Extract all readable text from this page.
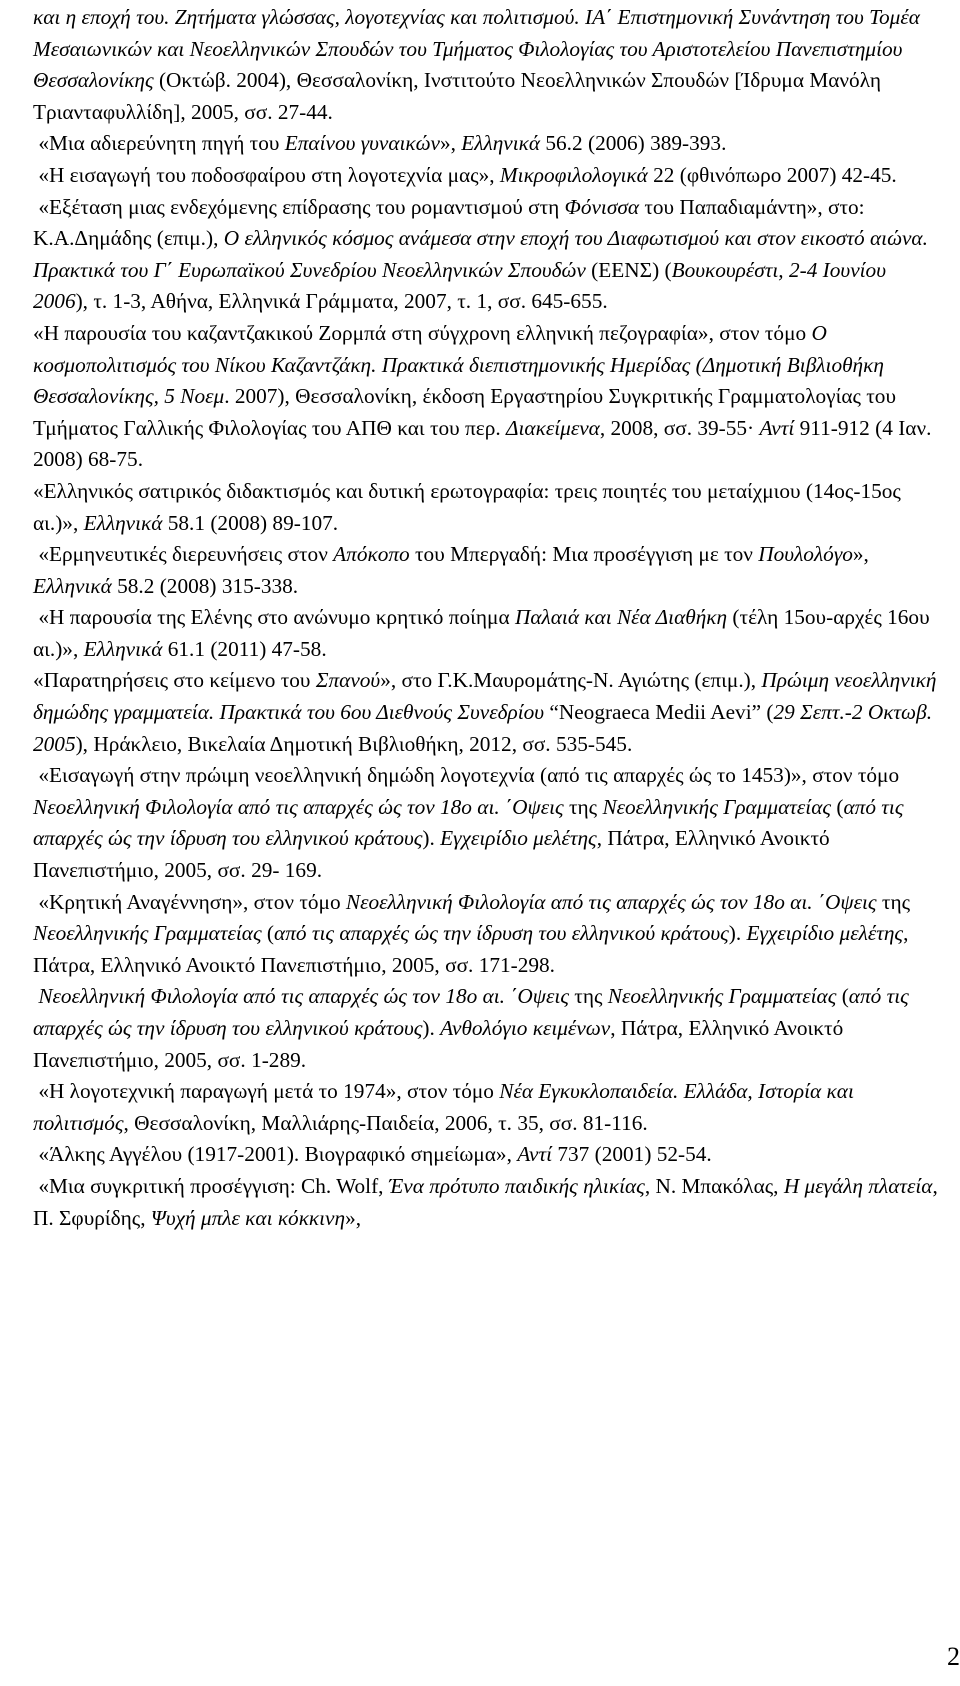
και η εποχή του. Ζητήματα γλώσσας, λογοτεχνίας και πολιτισμού. ΙΑ΄ Επιστημονική Συνάντηση του Τομέα Μεσαιωνικών και Νεοελληνικών Σπουδών του Τμήματος Φιλολογίας του Αριστοτελείου Πανεπιστημίου Θεσσαλονίκης (Οκτώβ. 2004), Θεσσαλονίκη, Ινστιτούτο Νεοελληνικών Σπουδών [Ίδρυμα Μανόλη Τριανταφυλλίδη], 2005, σσ. 27-44.

«Μια αδιερεύνητη πηγή του Επαίνου γυναικών», Ελληνικά 56.2 (2006) 389-393.

«Η εισαγωγή του ποδοσφαίρου στη λογοτεχνία μας», Μικροφιλολογικά 22 (φθινόπωρο 2007) 42-45.

«Εξέταση μιας ενδεχόμενης επίδρασης του ρομαντισμού στη Φόνισσα του Παπαδιαμάντη», στο: Κ.Α.Δημάδης (επιμ.), Ο ελληνικός κόσμος ανάμεσα στην εποχή του Διαφωτισμού και στον εικοστό αιώνα. Πρακτικά του Γ΄ Ευρωπαϊκού Συνεδρίου Νεοελληνικών Σπουδών (ΕΕΝΣ) (Βουκουρέστι, 2-4 Ιουνίου 2006), τ. 1-3, Αθήνα, Ελληνικά Γράμματα, 2007, τ. 1, σσ. 645-655.

«Η παρουσία του καζαντζακικού Ζορμπά στη σύγχρονη ελληνική πεζογραφία», στον τόμο Ο κοσμοπολιτισμός του Νίκου Καζαντζάκη. Πρακτικά διεπιστημονικής Ημερίδας (Δημοτική Βιβλιοθήκη Θεσσαλονίκης, 5 Νοεμ. 2007), Θεσσαλονίκη, έκδοση Εργαστηρίου Συγκριτικής Γραμματολογίας του Τμήματος Γαλλικής Φιλολογίας του ΑΠΘ και του περ. Διακείμενα, 2008, σσ. 39-55· Αντί 911-912 (4 Ιαν. 2008) 68-75.

«Ελληνικός σατιρικός διδακτισμός και δυτική ερωτογραφία: τρεις ποιητές του μεταίχμιου (14ος-15ος αι.)», Ελληνικά 58.1 (2008) 89-107.

«Ερμηνευτικές διερευνήσεις στον Απόκοπο του Μπεργαδή: Μια προσέγγιση με τον Πουλολόγο», Ελληνικά 58.2 (2008) 315-338.

«Η παρουσία της Ελένης στο ανώνυμο κρητικό ποίημα Παλαιά και Νέα Διαθήκη (τέλη 15ου-αρχές 16ου αι.)», Ελληνικά 61.1 (2011) 47-58.

«Παρατηρήσεις στο κείμενο του Σπανού», στο Γ.Κ.Μαυρομάτης-Ν. Αγιώτης (επιμ.), Πρώιμη νεοελληνική δημώδης γραμματεία. Πρακτικά του 6ου Διεθνούς Συνεδρίου “Neograeca Medii Aevi” (29 Σεπτ.-2 Οκτωβ. 2005), Ηράκλειο, Βικελαία Δημοτική Βιβλιοθήκη, 2012, σσ. 535-545.

«Εισαγωγή στην πρώιμη νεοελληνική δημώδη λογοτεχνία (από τις απαρχές ώς το 1453)», στον τόμο Νεοελληνική Φιλολογία από τις απαρχές ώς τον 18ο αι. ΄Οψεις της Νεοελληνικής Γραμματείας (από τις απαρχές ώς την ίδρυση του ελληνικού κράτους). Εγχειρίδιο μελέτης, Πάτρα, Ελληνικό Ανοικτό Πανεπιστήμιο, 2005, σσ. 29- 169.

«Κρητική Αναγέννηση», στον τόμο Νεοελληνική Φιλολογία από τις απαρχές ώς τον 18ο αι. ΄Οψεις της Νεοελληνικής Γραμματείας (από τις απαρχές ώς την ίδρυση του ελληνικού κράτους). Εγχειρίδιο μελέτης, Πάτρα, Ελληνικό Ανοικτό Πανεπιστήμιο, 2005, σσ. 171-298.

Νεοελληνική Φιλολογία από τις απαρχές ώς τον 18ο αι. ΄Οψεις της Νεοελληνικής Γραμματείας (από τις απαρχές ώς την ίδρυση του ελληνικού κράτους). Ανθολόγιο κειμένων, Πάτρα, Ελληνικό Ανοικτό Πανεπιστήμιο, 2005, σσ. 1-289.

«Η λογοτεχνική παραγωγή μετά το 1974», στον τόμο Νέα Εγκυκλοπαιδεία. Ελλάδα, Ιστορία και πολιτισμός, Θεσσαλονίκη, Μαλλιάρης-Παιδεία, 2006, τ. 35, σσ. 81-116.

«Άλκης Αγγέλου (1917-2001). Βιογραφικό σημείωμα», Αντί 737 (2001) 52-54.

«Μια συγκριτική προσέγγιση: Ch. Wolf, Ένα πρότυπο παιδικής ηλικίας, Ν. Μπακόλας, Η μεγάλη πλατεία, Π. Σφυρίδης, Ψυχή μπλε και κόκκινη»,

2
